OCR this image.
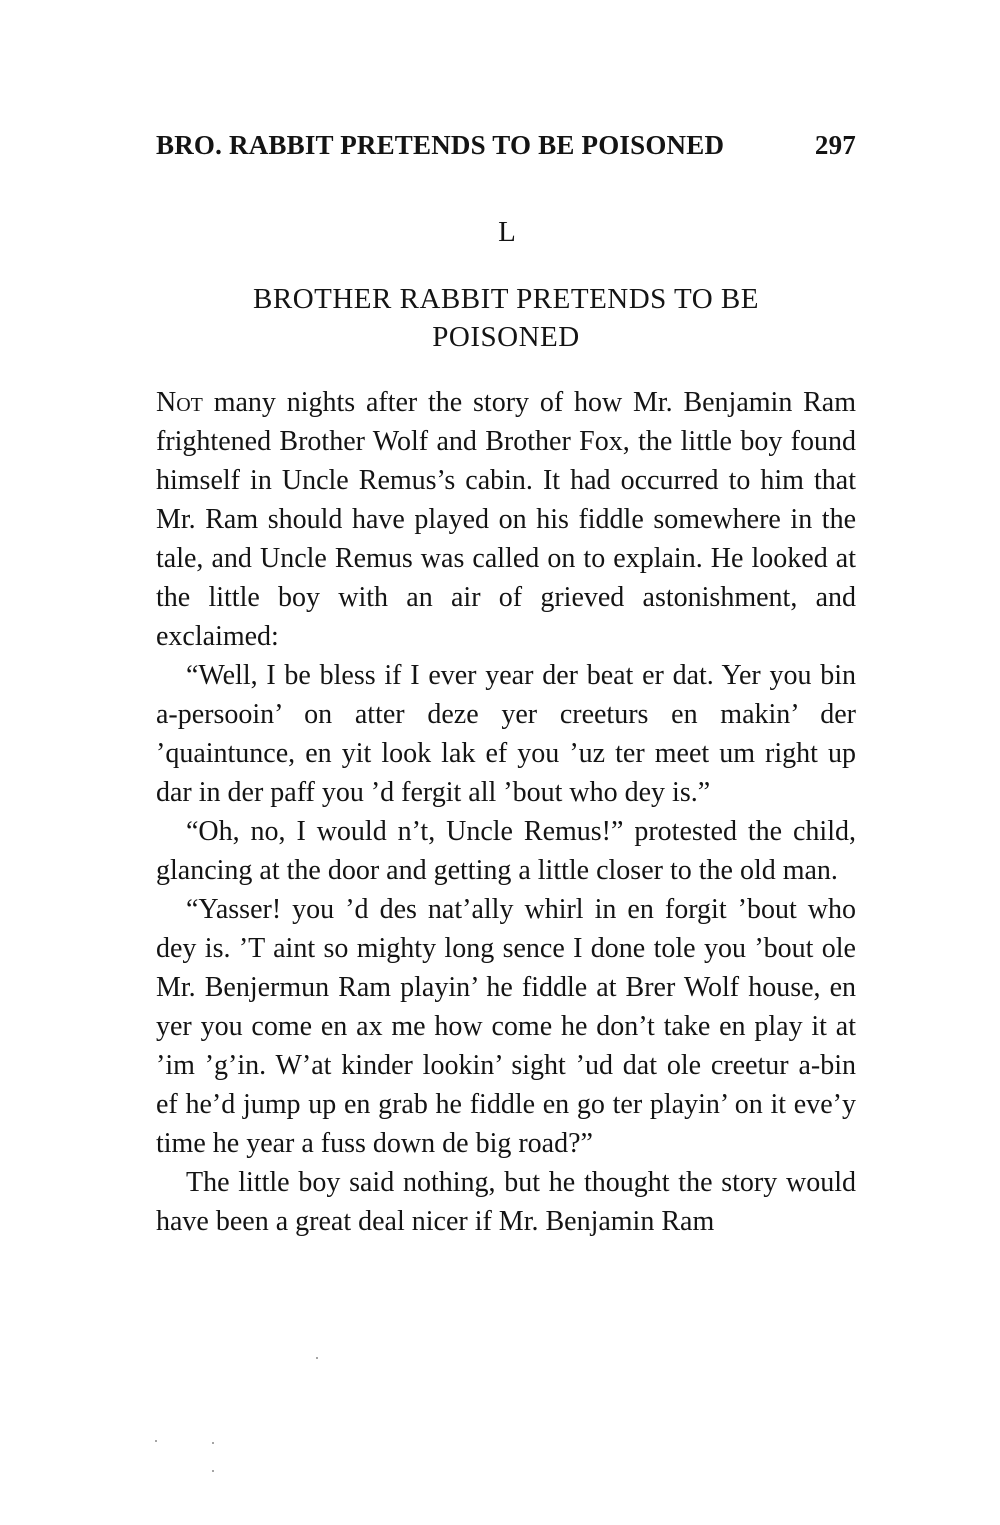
BRO. RABBIT PRETENDS TO BE POISONED	297
L
BROTHER RABBIT PRETENDS TO BE
POISONED

Not many nights after the story of how Mr. Benjamin Ram frightened Brother Wolf and Brother Fox, the little boy found himself in Uncle Remus’s cabin. It had occurred to him that Mr. Ram should have played on his fiddle somewhere in the tale, and Uncle Remus was called on to explain. He looked at the little boy with an air of grieved astonishment, and exclaimed:

“Well, I be bless if I ever year der beat er dat. Yer you bin a-persooin’ on atter deze yer creeturs en makin’ der ’quaintunce, en yit look lak ef you ’uz ter meet um right up dar in der paff you ’d fergit all ’bout who dey is.”

“Oh, no, I would n’t, Uncle Remus!” protested the child, glancing at the door and getting a little closer to the old man.

“Yasser! you ’d des nat’ally whirl in en forgit ’bout who dey is. ’T aint so mighty long sence I done tole you ’bout ole Mr. Benjermun Ram playin’ he fiddle at Brer Wolf house, en yer you come en ax me how come he don’t take en play it at ’im ’g’in. W’at kinder lookin’ sight ’ud dat ole creetur a-bin ef he’d jump up en grab he fiddle en go ter playin’ on it eve’y time he year a fuss down de big road?”

The little boy said nothing, but he thought the story would have been a great deal nicer if Mr. Benjamin Ram
